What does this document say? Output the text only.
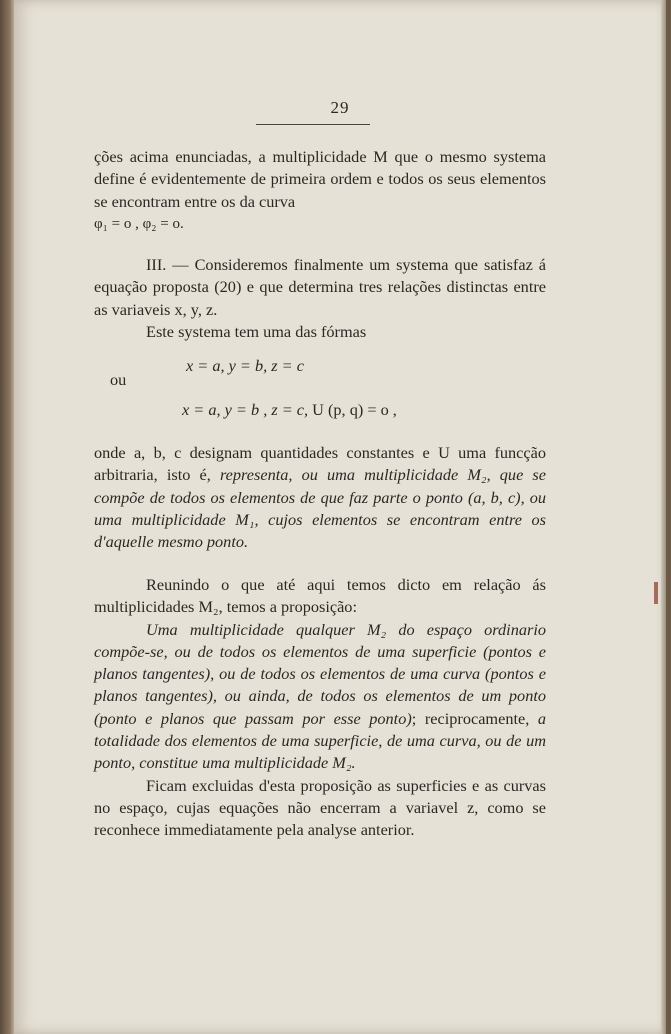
29

ções acima enunciadas, a multiplicidade M que o mesmo systema define é evidentemente de primeira ordem e todos os seus elementos se encontram entre os da curva

φ₁ = o , φ₂ = o.

III. — Consideremos finalmente um systema que satisfaz á equação proposta (20) e que determina tres relações distinctas entre as variaveis x, y, z.

Este systema tem uma das fórmas

x = a, y = b, z = c
ou
x = a, y = b , z = c, U (p, q) = o ,

onde a, b, c designam quantidades constantes e U uma funcção arbitraria, isto é, representa, ou uma multiplicidade M₂, que se compõe de todos os elementos de que faz parte o ponto (a, b, c), ou uma multiplicidade M₁, cujos elementos se encontram entre os d'aquelle mesmo ponto.

Reunindo o que até aqui temos dicto em relação ás multiplicidades M₂, temos a proposição:

Uma multiplicidade qualquer M₂ do espaço ordinario compõe-se, ou de todos os elementos de uma superficie (pontos e planos tangentes), ou de todos os elementos de uma curva (pontos e planos tangentes), ou ainda, de todos os elementos de um ponto (ponto e planos que passam por esse ponto); reciprocamente, a totalidade dos elementos de uma superficie, de uma curva, ou de um ponto, constitue uma multiplicidade M₂.

Ficam excluidas d'esta proposição as superficies e as curvas no espaço, cujas equações não encerram a variavel z, como se reconhece immediatamente pela analyse anterior.
